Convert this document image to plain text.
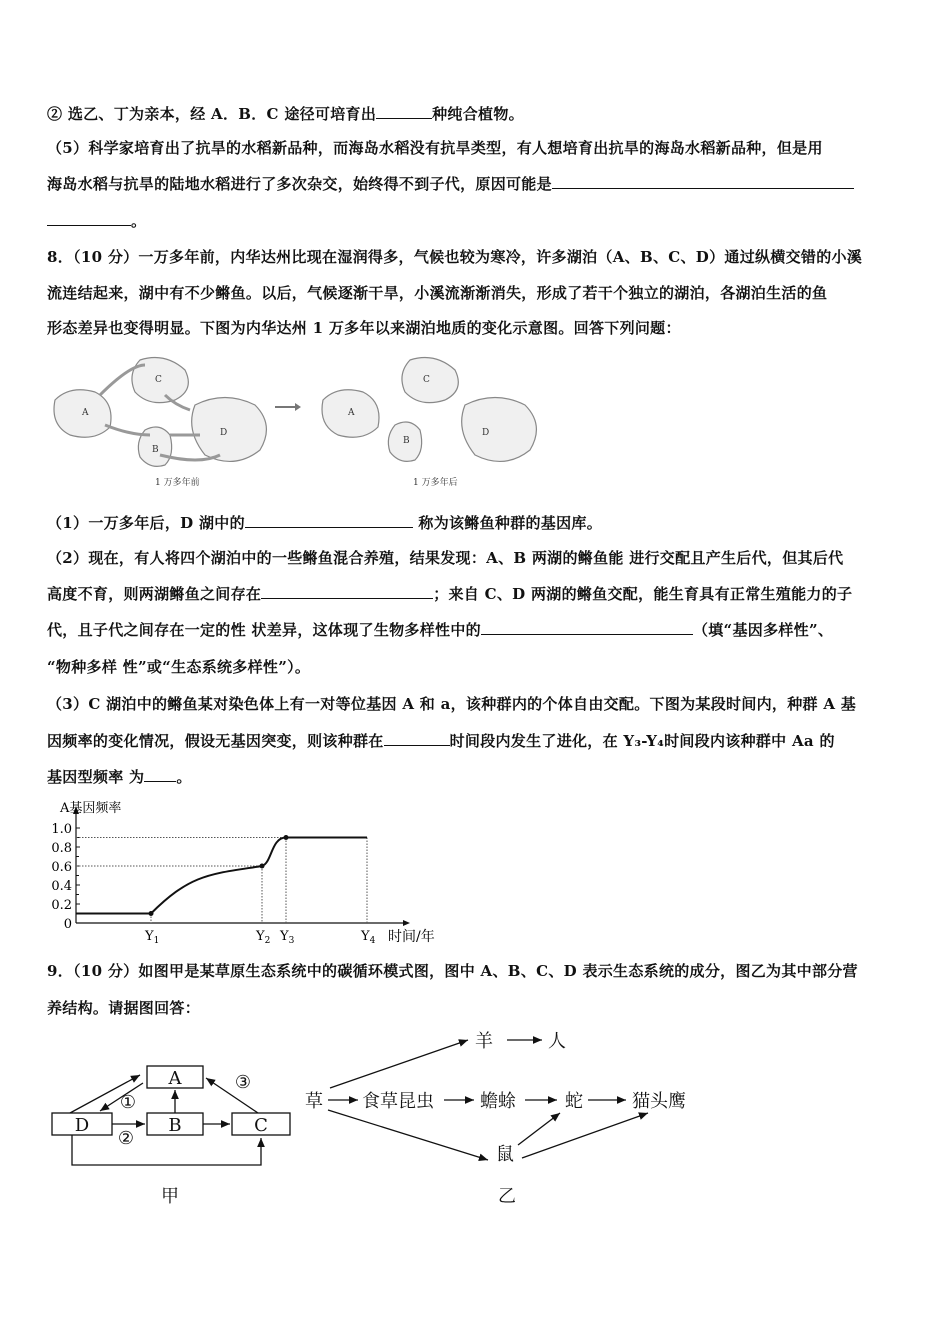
② 选乙、丁为亲本，经 A．B．C 途径可培育出	种纯合植物。
（5）科学家培育出了抗旱的水稻新品种，而海岛水稻没有抗旱类型，有人想培育出抗旱的海岛水稻新品种，但是用
海岛水稻与抗旱的陆地水稻进行了多次杂交，始终得不到子代，原因可能是
。
8．（10 分）一万多年前，内华达州比现在湿润得多，气候也较为寒冷，许多湖泊（A、B、C、D）通过纵横交错的小溪
流连结起来，湖中有不少鳉鱼。以后，气候逐渐干旱，小溪流渐渐消失，形成了若干个独立的湖泊，各湖泊生活的鱼
形态差异也变得明显。下图为内华达州 1 万多年以来湖泊地质的变化示意图。回答下列问题：
A
C
B
D
A
C
B
D
1 万多年前	1 万多年后
（1）一万多年后，D 湖中的	称为该鳉鱼种群的基因库。
（2）现在，有人将四个湖泊中的一些鳉鱼混合养殖，结果发现：A、B 两湖的鳉鱼能 进行交配且产生后代，但其后代
高度不育，则两湖鳉鱼之间存在	；来自 C、D 两湖的鳉鱼交配，能生育具有正常生殖能力的子
代，且子代之间存在一定的性 状差异，这体现了生物多样性中的	（填“基因多样性”、
“物种多样 性”或“生态系统多样性”）。
（3）C 湖泊中的鳉鱼某对染色体上有一对等位基因 A 和 a，该种群内的个体自由交配。下图为某段时间内，种群 A 基
因频率的变化情况，假设无基因突变，则该种群在	时间段内发生了进化，在 Y₃-Y₄时间段内该种群中 Aa 的
基因型频率 为 。
A基因频率
时间/年
0
0.2
0.4
0.6
0.8
1.0
$Y_1$	$Y_2$ $Y_3$	$Y_4$
9．（10 分）如图甲是某草原生态系统中的碳循环模式图，图中 A、B、C、D 表示生态系统的成分，图乙为其中部分营
养结构。请据图回答：
A
B	C
D
①
②
③
甲
草 食草昆虫	蟾蜍	蛇	猫头鹰
羊	人
鼠
乙
